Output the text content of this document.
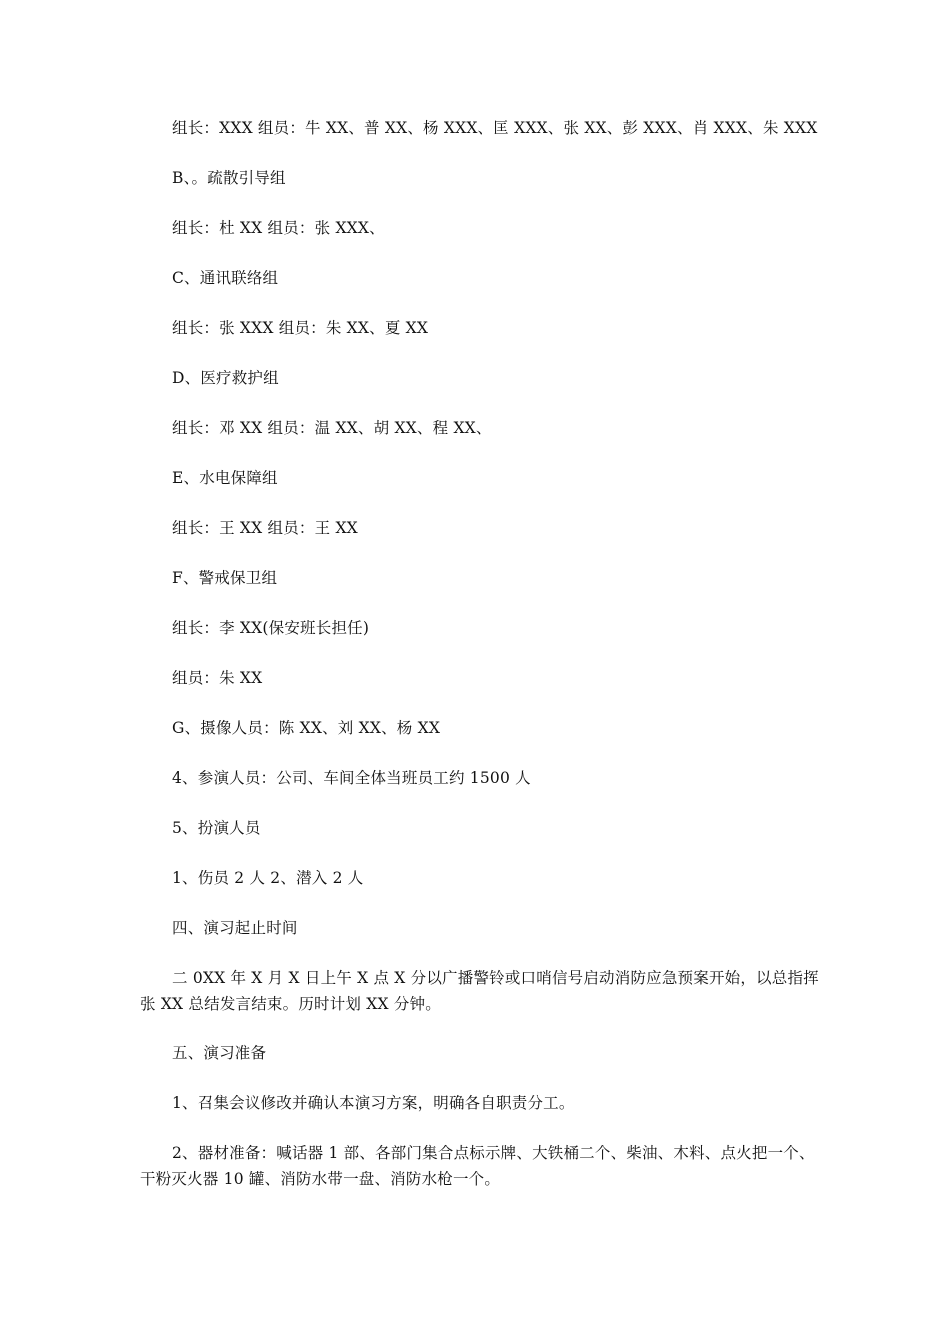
组长：XXX 组员：牛 XX、普 XX、杨 XXX、匡 XXX、张 XX、彭 XXX、肖 XXX、朱 XXX

B、。疏散引导组

组长：杜 XX 组员：张 XXX、

C、通讯联络组

组长：张 XXX 组员：朱 XX、夏 XX

D、医疗救护组

组长：邓 XX 组员：温 XX、胡 XX、程 XX、

E、水电保障组

组长：王 XX 组员：王 XX

F、警戒保卫组

组长：李 XX(保安班长担任)

组员：朱 XX

G、摄像人员：陈 XX、刘 XX、杨 XX

4、参演人员：公司、车间全体当班员工约 1500 人

5、扮演人员

1、伤员 2 人 2、潜入 2 人

四、演习起止时间

二 0XX 年 X 月 X 日上午 X 点 X 分以广播警铃或口哨信号启动消防应急预案开始，以总指挥张 XX 总结发言结束。历时计划 XX 分钟。

五、演习准备

1、召集会议修改并确认本演习方案，明确各自职责分工。

2、器材准备：喊话器 1 部、各部门集合点标示牌、大铁桶二个、柴油、木料、点火把一个、干粉灭火器 10 罐、消防水带一盘、消防水枪一个。
